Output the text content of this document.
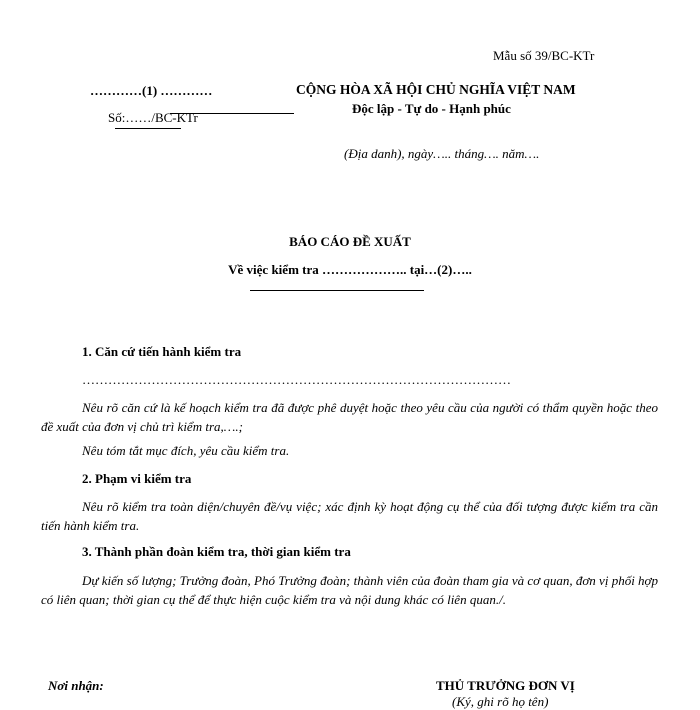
Mẫu số 39/BC-KTr
…………(1) …………
Số:……/BC-KTr
CỘNG HÒA XÃ HỘI CHỦ NGHĨA VIỆT NAM
Độc lập - Tự do - Hạnh phúc
(Địa danh), ngày….. tháng…. năm….
BÁO CÁO ĐỀ XUẤT
Về việc kiểm tra ……………….. tại…(2)…..
1. Căn cứ tiến hành kiểm tra
………………………………………………………………………………………
Nêu rõ căn cứ là kế hoạch kiểm tra đã được phê duyệt hoặc theo yêu cầu của người có thẩm quyền hoặc theo đề xuất của đơn vị chủ trì kiểm tra,….;
Nêu tóm tắt mục đích, yêu cầu kiểm tra.
2. Phạm vi kiểm tra
Nêu rõ kiểm tra toàn diện/chuyên đề/vụ việc; xác định kỳ hoạt động cụ thể của đối tượng được kiểm tra cần tiến hành kiểm tra.
3. Thành phần đoàn kiểm tra, thời gian kiểm tra
Dự kiến số lượng; Trưởng đoàn, Phó Trưởng đoàn; thành viên của đoàn tham gia và cơ quan, đơn vị phối hợp có liên quan; thời gian cụ thể để thực hiện cuộc kiểm tra và nội dung khác có liên quan./.
Nơi nhận:	THỦ TRƯỞNG ĐƠN VỊ
(Ký, ghi rõ họ tên)
